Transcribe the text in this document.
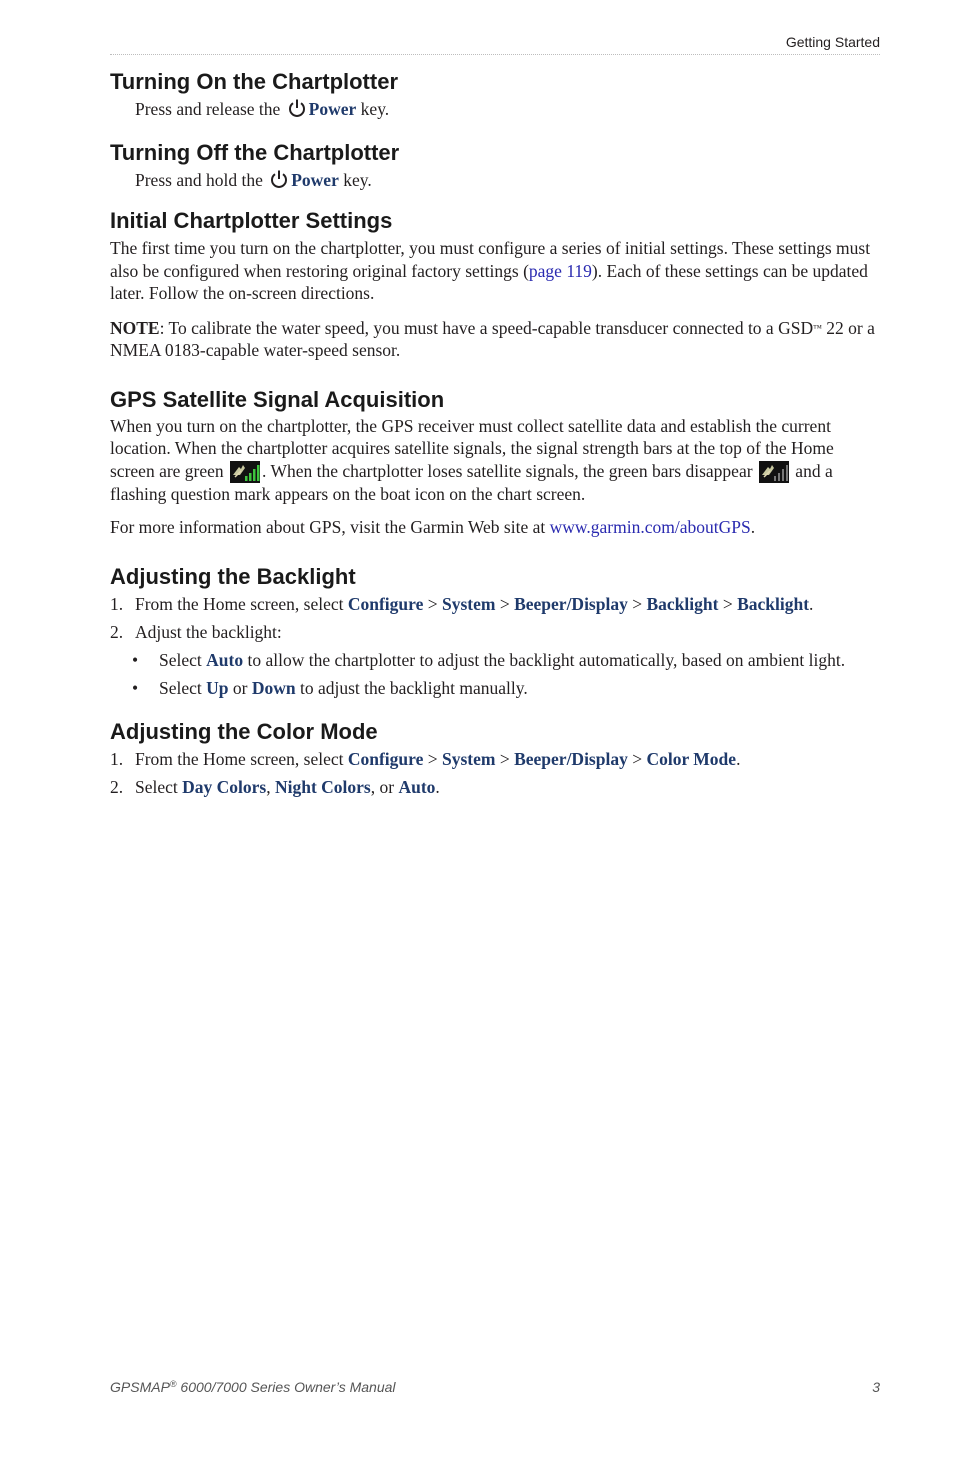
Getting Started
Turning On the Chartplotter

Press and release the Power key.

Turning Off the Chartplotter

Press and hold the Power key.

Initial Chartplotter Settings

The first time you turn on the chartplotter, you must configure a series of initial settings. These settings must also be configured when restoring original factory settings (page 119). Each of these settings can be updated later. Follow the on-screen directions.

NOTE: To calibrate the water speed, you must have a speed-capable transducer connected to a GSD™ 22 or a NMEA 0183-capable water-speed sensor.

GPS Satellite Signal Acquisition

When you turn on the chartplotter, the GPS receiver must collect satellite data and establish the current location. When the chartplotter acquires satellite signals, the signal strength bars at the top of the Home screen are green . When the chartplotter loses satellite signals, the green bars disappear  and a flashing question mark appears on the boat icon on the chart screen.

For more information about GPS, visit the Garmin Web site at www.garmin.com/aboutGPS.

Adjusting the Backlight
1. From the Home screen, select Configure > System > Beeper/Display > Backlight > Backlight.
2. Adjust the backlight:
• Select Auto to allow the chartplotter to adjust the backlight automatically, based on ambient light.
• Select Up or Down to adjust the backlight manually.
Adjusting the Color Mode
1. From the Home screen, select Configure > System > Beeper/Display > Color Mode.
2. Select Day Colors, Night Colors, or Auto.
GPSMAP® 6000/7000 Series Owner’s Manual	3
